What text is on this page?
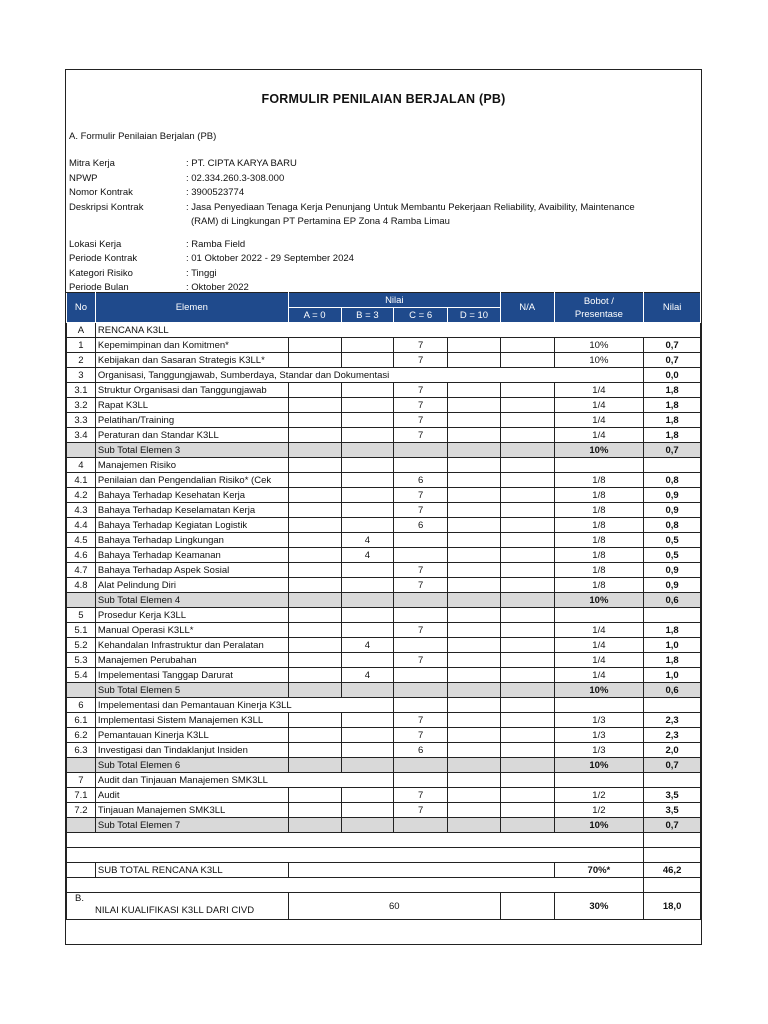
FORMULIR PENILAIAN BERJALAN (PB)
A. Formulir Penilaian Berjalan (PB)
Mitra Kerja	: PT. CIPTA KARYA BARU
NPWP	: 02.334.260.3-308.000
Nomor Kontrak	: 3900523774
Deskripsi Kontrak	: Jasa Penyediaan Tenaga Kerja Penunjang Untuk Membantu Pekerjaan Reliability, Avaibility, Maintenance
(RAM) di Lingkungan PT Pertamina EP Zona 4 Ramba Limau
Lokasi Kerja	: Ramba Field
Periode Kontrak	: 01 Oktober 2022 - 29 September 2024
Kategori Risiko	: Tinggi
Periode Bulan	: Oktober 2022
No	Elemen	Nilai				N/A	Bobot /
Presentase	Nilai
		A = 0	B = 3	C = 6	D = 10			
A	RENCANA K3LL							
1	Kepemimpinan dan Komitmen*			7			10%	0,7
2	Kebijakan dan Sasaran Strategis K3LL*			7			10%	0,7
3	Organisasi, Tanggungjawab, Sumberdaya, Standar dan Dokumentasi							0,0
3.1	Struktur Organisasi dan Tanggungjawab			7			1/4	1,8
3.2	Rapat K3LL			7			1/4	1,8
3.3	Pelatihan/Training			7			1/4	1,8
3.4	Peraturan dan Standar K3LL			7			1/4	1,8
	Sub Total Elemen 3						10%	0,7
4	Manajemen Risiko							
4.1	Penilaian dan Pengendalian Risiko* (Cek			6			1/8	0,8
4.2	Bahaya Terhadap Kesehatan Kerja			7			1/8	0,9
4.3	Bahaya Terhadap Keselamatan Kerja			7			1/8	0,9
4.4	Bahaya Terhadap Kegiatan Logistik			6			1/8	0,8
4.5	Bahaya Terhadap Lingkungan		4				1/8	0,5
4.6	Bahaya Terhadap Keamanan		4				1/8	0,5
4.7	Bahaya Terhadap Aspek Sosial			7			1/8	0,9
4.8	Alat Pelindung Diri			7			1/8	0,9
	Sub Total Elemen 4						10%	0,6
5	Prosedur Kerja K3LL							
5.1	Manual Operasi K3LL*			7			1/4	1,8
5.2	Kehandalan Infrastruktur dan Peralatan		4				1/4	1,0
5.3	Manajemen Perubahan			7			1/4	1,8
5.4	Impelementasi Tanggap Darurat		4				1/4	1,0
	Sub Total Elemen 5						10%	0,6
6	Impelementasi dan Pemantauan Kinerja K3LL							
6.1	Implementasi Sistem Manajemen K3LL			7			1/3	2,3
6.2	Pemantauan Kinerja K3LL			7			1/3	2,3
6.3	Investigasi dan Tindaklanjut Insiden			6			1/3	2,0
	Sub Total Elemen 6						10%	0,7
7	Audit dan Tinjauan Manajemen SMK3LL							
7.1	Audit			7			1/2	3,5
7.2	Tinjauan Manajemen SMK3LL			7			1/2	3,5
	Sub Total Elemen 7						10%	0,7

	SUB TOTAL RENCANA K3LL						70%*	46,2

B.
NILAI KUALIFIKASI K3LL DARI CIVD		60					30%	18,0
